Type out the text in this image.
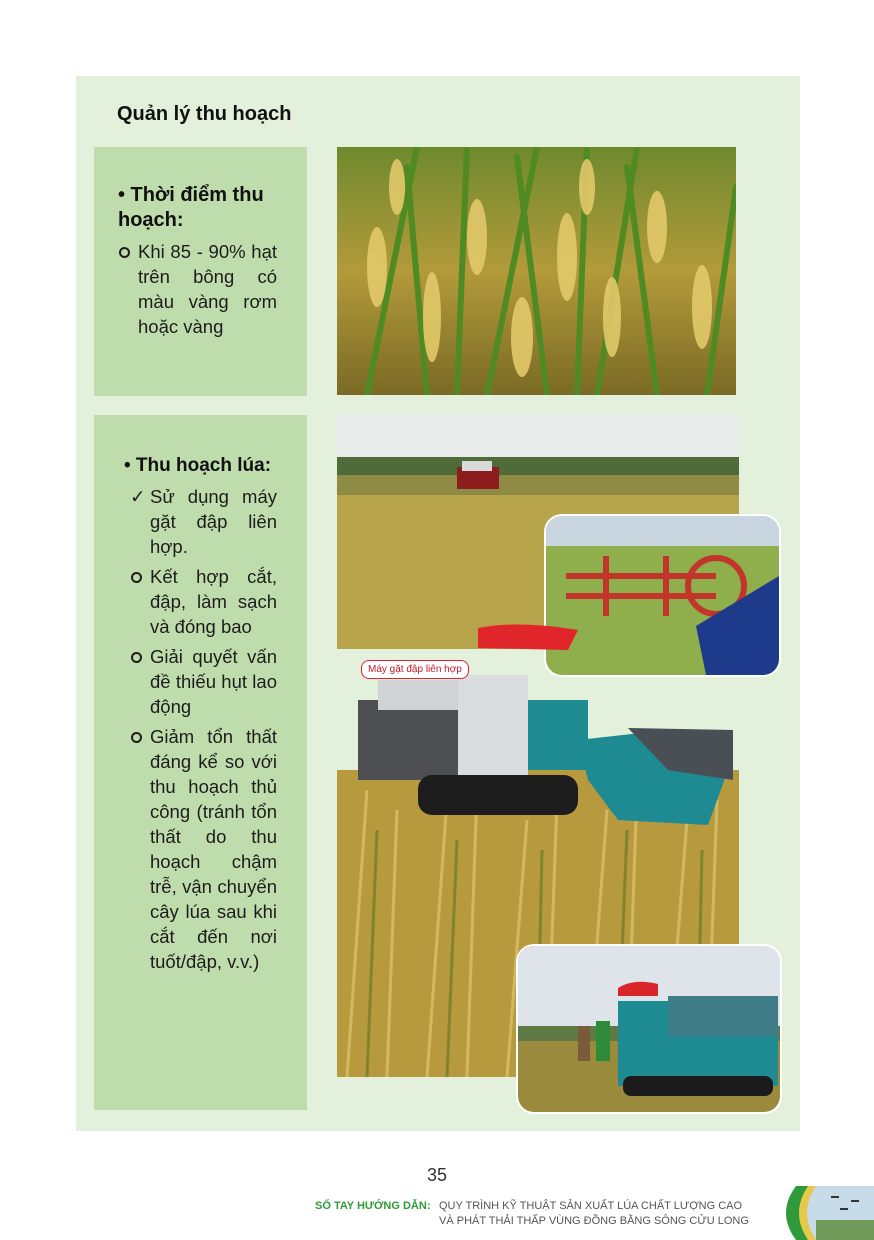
Quản lý thu hoạch

• Thời điểm thu hoạch:

Khi 85 - 90% hạt trên bông có màu vàng rơm hoặc vàng

• Thu hoạch lúa:

✓ Sử dụng máy gặt đập liên hợp.
Kết hợp cắt, đập, làm sạch và đóng bao
Giải quyết vấn đề thiếu hụt lao động
Giảm tổn thất đáng kể so với thu hoạch thủ công (tránh tổn thất do thu hoạch chậm trễ, vận chuyển cây lúa sau khi cắt đến nơi tuốt/đập, v.v.)
Máy gặt đập liên hợp
35
SỔ TAY HƯỚNG DẪN: QUY TRÌNH KỸ THUẬT SẢN XUẤT LÚA CHẤT LƯỢNG CAO
VÀ PHÁT THẢI THẤP VÙNG ĐỒNG BẰNG SÔNG CỬU LONG
